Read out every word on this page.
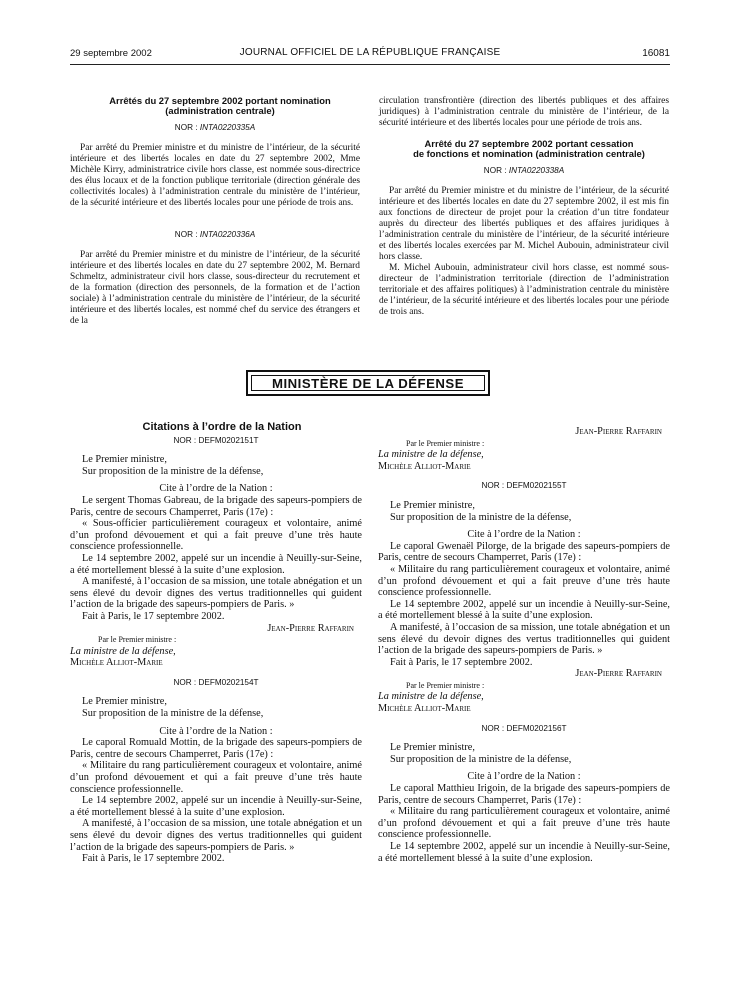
29 septembre 2002	JOURNAL OFFICIEL DE LA RÉPUBLIQUE FRANÇAISE	16081

Arrêtés du 27 septembre 2002 portant nomination

(administration centrale)

NOR : INTA0220335A

Par arrêté du Premier ministre et du ministre de l’intérieur, de la sécurité intérieure et des libertés locales en date du 27 septembre 2002, Mme Michèle Kirry, administratrice civile hors classe, est nommée sous-directrice des élus locaux et de la fonction publique territoriale (direction générale des collectivités locales) à l’administration centrale du ministère de l’intérieur, de la sécurité intérieure et des libertés locales pour une période de trois ans.

NOR : INTA0220336A

Par arrêté du Premier ministre et du ministre de l’intérieur, de la sécurité intérieure et des libertés locales en date du 27 septembre 2002, M. Bernard Schmeltz, administrateur civil hors classe, sous-directeur du recrutement et de la formation (direction des personnels, de la formation et de l’action sociale) à l’administration centrale du ministère de l’intérieur, de la sécurité intérieure et des libertés locales, est nommé chef du service des étrangers et de la

circulation transfrontière (direction des libertés publiques et des affaires juridiques) à l’administration centrale du ministère de l’intérieur, de la sécurité intérieure et des libertés locales pour une période de trois ans.

Arrêté du 27 septembre 2002 portant cessation

de fonctions et nomination (administration centrale)

NOR : INTA0220338A

Par arrêté du Premier ministre et du ministre de l’intérieur, de la sécurité intérieure et des libertés locales en date du 27 septembre 2002, il est mis fin aux fonctions de directeur de projet pour la création d’un titre fondateur auprès du directeur des libertés publiques et des affaires juridiques à l’administration centrale du ministère de l’intérieur, de la sécurité intérieure et des libertés locales exercées par M. Michel Aubouin, administrateur civil hors classe.

M. Michel Aubouin, administrateur civil hors classe, est nommé sous-directeur de l’administration territoriale (direction de l’administration territoriale et des affaires politiques) à l’administration centrale du ministère de l’intérieur, de la sécurité intérieure et des libertés locales pour une période de trois ans.

MINISTÈRE DE LA DÉFENSE

Citations à l’ordre de la Nation

NOR : DEFM0202151T

Le Premier ministre,

Sur proposition de la ministre de la défense,

Cite à l’ordre de la Nation :

Le sergent Thomas Gabreau, de la brigade des sapeurs-pompiers de Paris, centre de secours Champerret, Paris (17e) :

« Sous-officier particulièrement courageux et volontaire, animé d’un profond dévouement et qui a fait preuve d’une très haute conscience professionnelle.

Le 14 septembre 2002, appelé sur un incendie à Neuilly-sur-Seine, a été mortellement blessé à la suite d’une explosion.

A manifesté, à l’occasion de sa mission, une totale abnégation et un sens élevé du devoir dignes des vertus traditionnelles qui guident l’action de la brigade des sapeurs-pompiers de Paris. »

Fait à Paris, le 17 septembre 2002.

Jean-Pierre Raffarin

Par le Premier ministre :

La ministre de la défense,

Michèle Alliot-Marie

NOR : DEFM0202154T

Le Premier ministre,

Sur proposition de la ministre de la défense,

Cite à l’ordre de la Nation :

Le caporal Romuald Mottin, de la brigade des sapeurs-pompiers de Paris, centre de secours Champerret, Paris (17e) :

« Militaire du rang particulièrement courageux et volontaire, animé d’un profond dévouement et qui a fait preuve d’une très haute conscience professionnelle.

Le 14 septembre 2002, appelé sur un incendie à Neuilly-sur-Seine, a été mortellement blessé à la suite d’une explosion.

A manifesté, à l’occasion de sa mission, une totale abnégation et un sens élevé du devoir dignes des vertus traditionnelles qui guident l’action de la brigade des sapeurs-pompiers de Paris. »

Fait à Paris, le 17 septembre 2002.

Jean-Pierre Raffarin

Par le Premier ministre :

La ministre de la défense,

Michèle Alliot-Marie

NOR : DEFM0202155T

Le Premier ministre,

Sur proposition de la ministre de la défense,

Cite à l’ordre de la Nation :

Le caporal Gwenaël Pilorge, de la brigade des sapeurs-pompiers de Paris, centre de secours Champerret, Paris (17e) :

« Militaire du rang particulièrement courageux et volontaire, animé d’un profond dévouement et qui a fait preuve d’une très haute conscience professionnelle.

Le 14 septembre 2002, appelé sur un incendie à Neuilly-sur-Seine, a été mortellement blessé à la suite d’une explosion.

A manifesté, à l’occasion de sa mission, une totale abnégation et un sens élevé du devoir dignes des vertus traditionnelles qui guident l’action de la brigade des sapeurs-pompiers de Paris. »

Fait à Paris, le 17 septembre 2002.

Jean-Pierre Raffarin

Par le Premier ministre :

La ministre de la défense,

Michèle Alliot-Marie

NOR : DEFM0202156T

Le Premier ministre,

Sur proposition de la ministre de la défense,

Cite à l’ordre de la Nation :

Le caporal Matthieu Irigoin, de la brigade des sapeurs-pompiers de Paris, centre de secours Champerret, Paris (17e) :

« Militaire du rang particulièrement courageux et volontaire, animé d’un profond dévouement et qui a fait preuve d’une très haute conscience professionnelle.

Le 14 septembre 2002, appelé sur un incendie à Neuilly-sur-Seine, a été mortellement blessé à la suite d’une explosion.
